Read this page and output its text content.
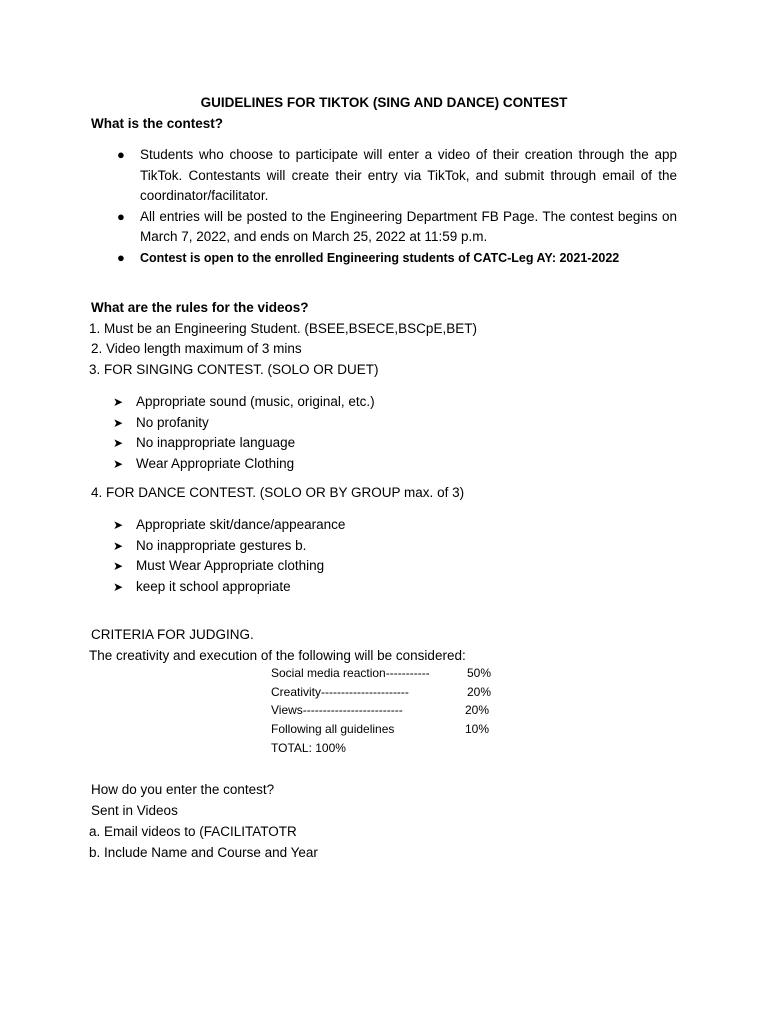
GUIDELINES FOR TIKTOK (SING AND DANCE) CONTEST
What is the contest?
● Students who choose to participate will enter a video of their creation through the app TikTok. Contestants will create their entry via TikTok, and submit through email of the coordinator/facilitator.
● All entries will be posted to the Engineering Department FB Page. The contest begins on March 7, 2022, and ends on March 25, 2022 at 11:59 p.m.
● Contest is open to the enrolled Engineering students of CATC-Leg AY: 2021-2022
What are the rules for the videos?
1. Must be an Engineering Student. (BSEE,BSECE,BSCpE,BET)
2. Video length maximum of 3 mins
3. FOR SINGING CONTEST. (SOLO OR DUET)
➤ Appropriate sound (music, original, etc.)
➤ No profanity
➤ No inappropriate language
➤ Wear Appropriate Clothing
4. FOR DANCE CONTEST. (SOLO OR BY GROUP max. of 3)
➤ Appropriate skit/dance/appearance
➤ No inappropriate gestures b.
➤ Must Wear Appropriate clothing
➤ keep it school appropriate
CRITERIA FOR JUDGING.
The creativity and execution of the following will be considered:
Social media reaction-----------	50%
Creativity----------------------	20%
Views-------------------------	20%
Following all guidelines	10%
TOTAL: 100%
How do you enter the contest?
Sent in Videos
a. Email videos to (FACILITATOTR
b. Include Name and Course and Year
